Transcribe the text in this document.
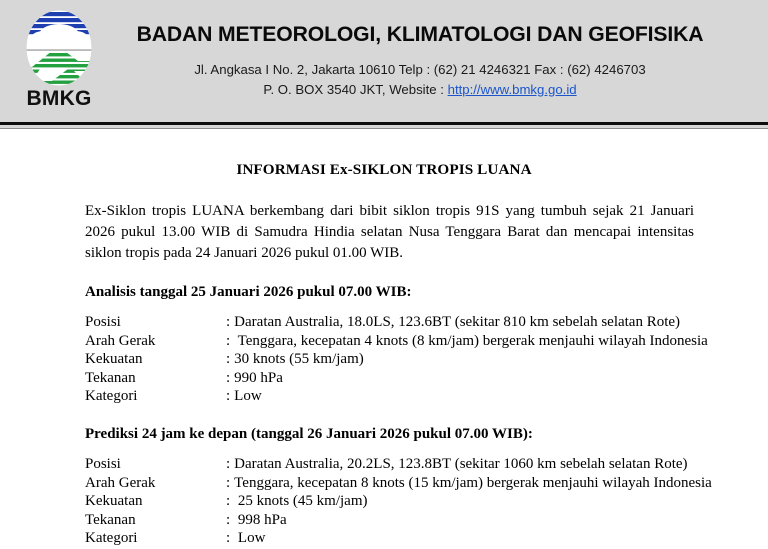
BMKG
BADAN METEOROLOGI, KLIMATOLOGI DAN GEOFISIKA
Jl. Angkasa I No. 2, Jakarta 10610 Telp : (62) 21 4246321 Fax : (62) 4246703
P. O. BOX 3540 JKT, Website : http://www.bmkg.go.id
INFORMASI Ex-SIKLON TROPIS LUANA
Ex-Siklon tropis LUANA berkembang dari bibit siklon tropis 91S yang tumbuh sejak 21 Januari 2026 pukul 13.00 WIB di Samudra Hindia selatan Nusa Tenggara Barat dan mencapai intensitas siklon tropis pada 24 Januari 2026 pukul 01.00 WIB.
Analisis tanggal 25 Januari 2026 pukul 07.00 WIB:
Posisi	: Daratan Australia, 18.0LS, 123.6BT (sekitar 810 km sebelah selatan Rote)
Arah Gerak	: Tenggara, kecepatan 4 knots (8 km/jam) bergerak menjauhi wilayah Indonesia
Kekuatan	: 30 knots (55 km/jam)
Tekanan	: 990 hPa
Kategori	: Low
Prediksi 24 jam ke depan (tanggal 26 Januari 2026 pukul 07.00 WIB):
Posisi	: Daratan Australia, 20.2LS, 123.8BT (sekitar 1060 km sebelah selatan Rote)
Arah Gerak	: Tenggara, kecepatan 8 knots (15 km/jam) bergerak menjauhi wilayah Indonesia
Kekuatan	: 25 knots (45 km/jam)
Tekanan	: 998 hPa
Kategori	: Low
